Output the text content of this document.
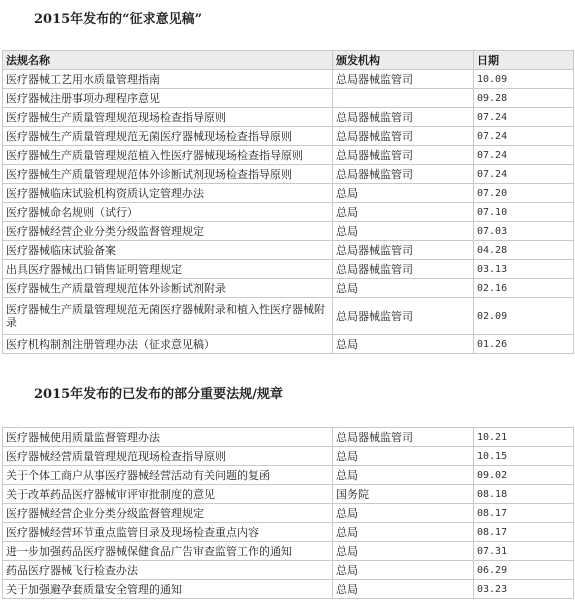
2015年发布的“征求意见稿”
法规名称	颁发机构	日期
医疗器械工艺用水质量管理指南	总局器械监管司	10.09
医疗器械注册事项办理程序意见		09.28
医疗器械生产质量管理规范现场检查指导原则	总局器械监管司	07.24
医疗器械生产质量管理规范无菌医疗器械现场检查指导原则	总局器械监管司	07.24
医疗器械生产质量管理规范植入性医疗器械现场检查指导原则	总局器械监管司	07.24
医疗器械生产质量管理规范体外诊断试剂现场检查指导原则	总局器械监管司	07.24
医疗器械临床试验机构资质认定管理办法	总局	07.20
医疗器械命名规则（试行）	总局	07.10
医疗器械经营企业分类分级监督管理规定	总局	07.03
医疗器械临床试验备案	总局器械监管司	04.28
出具医疗器械出口销售证明管理规定	总局器械监管司	03.13
医疗器械生产质量管理规范体外诊断试剂附录	总局	02.16
医疗器械生产质量管理规范无菌医疗器械附录和植入性医疗器械附录	总局器械监管司	02.09
医疗机构制剂注册管理办法（征求意见稿）	总局	01.26
2015年发布的已发布的部分重要法规/规章
医疗器械使用质量监督管理办法	总局器械监管司	10.21
医疗器械经营质量管理规范现场检查指导原则	总局	10.15
关于个体工商户从事医疗器械经营活动有关问题的复函	总局	09.02
关于改革药品医疗器械审评审批制度的意见	国务院	08.18
医疗器械经营企业分类分级监督管理规定	总局	08.17
医疗器械经营环节重点监管目录及现场检查重点内容	总局	08.17
进一步加强药品医疗器械保健食品广告审查监管工作的通知	总局	07.31
药品医疗器械飞行检查办法	总局	06.29
关于加强避孕套质量安全管理的通知	总局	03.23
